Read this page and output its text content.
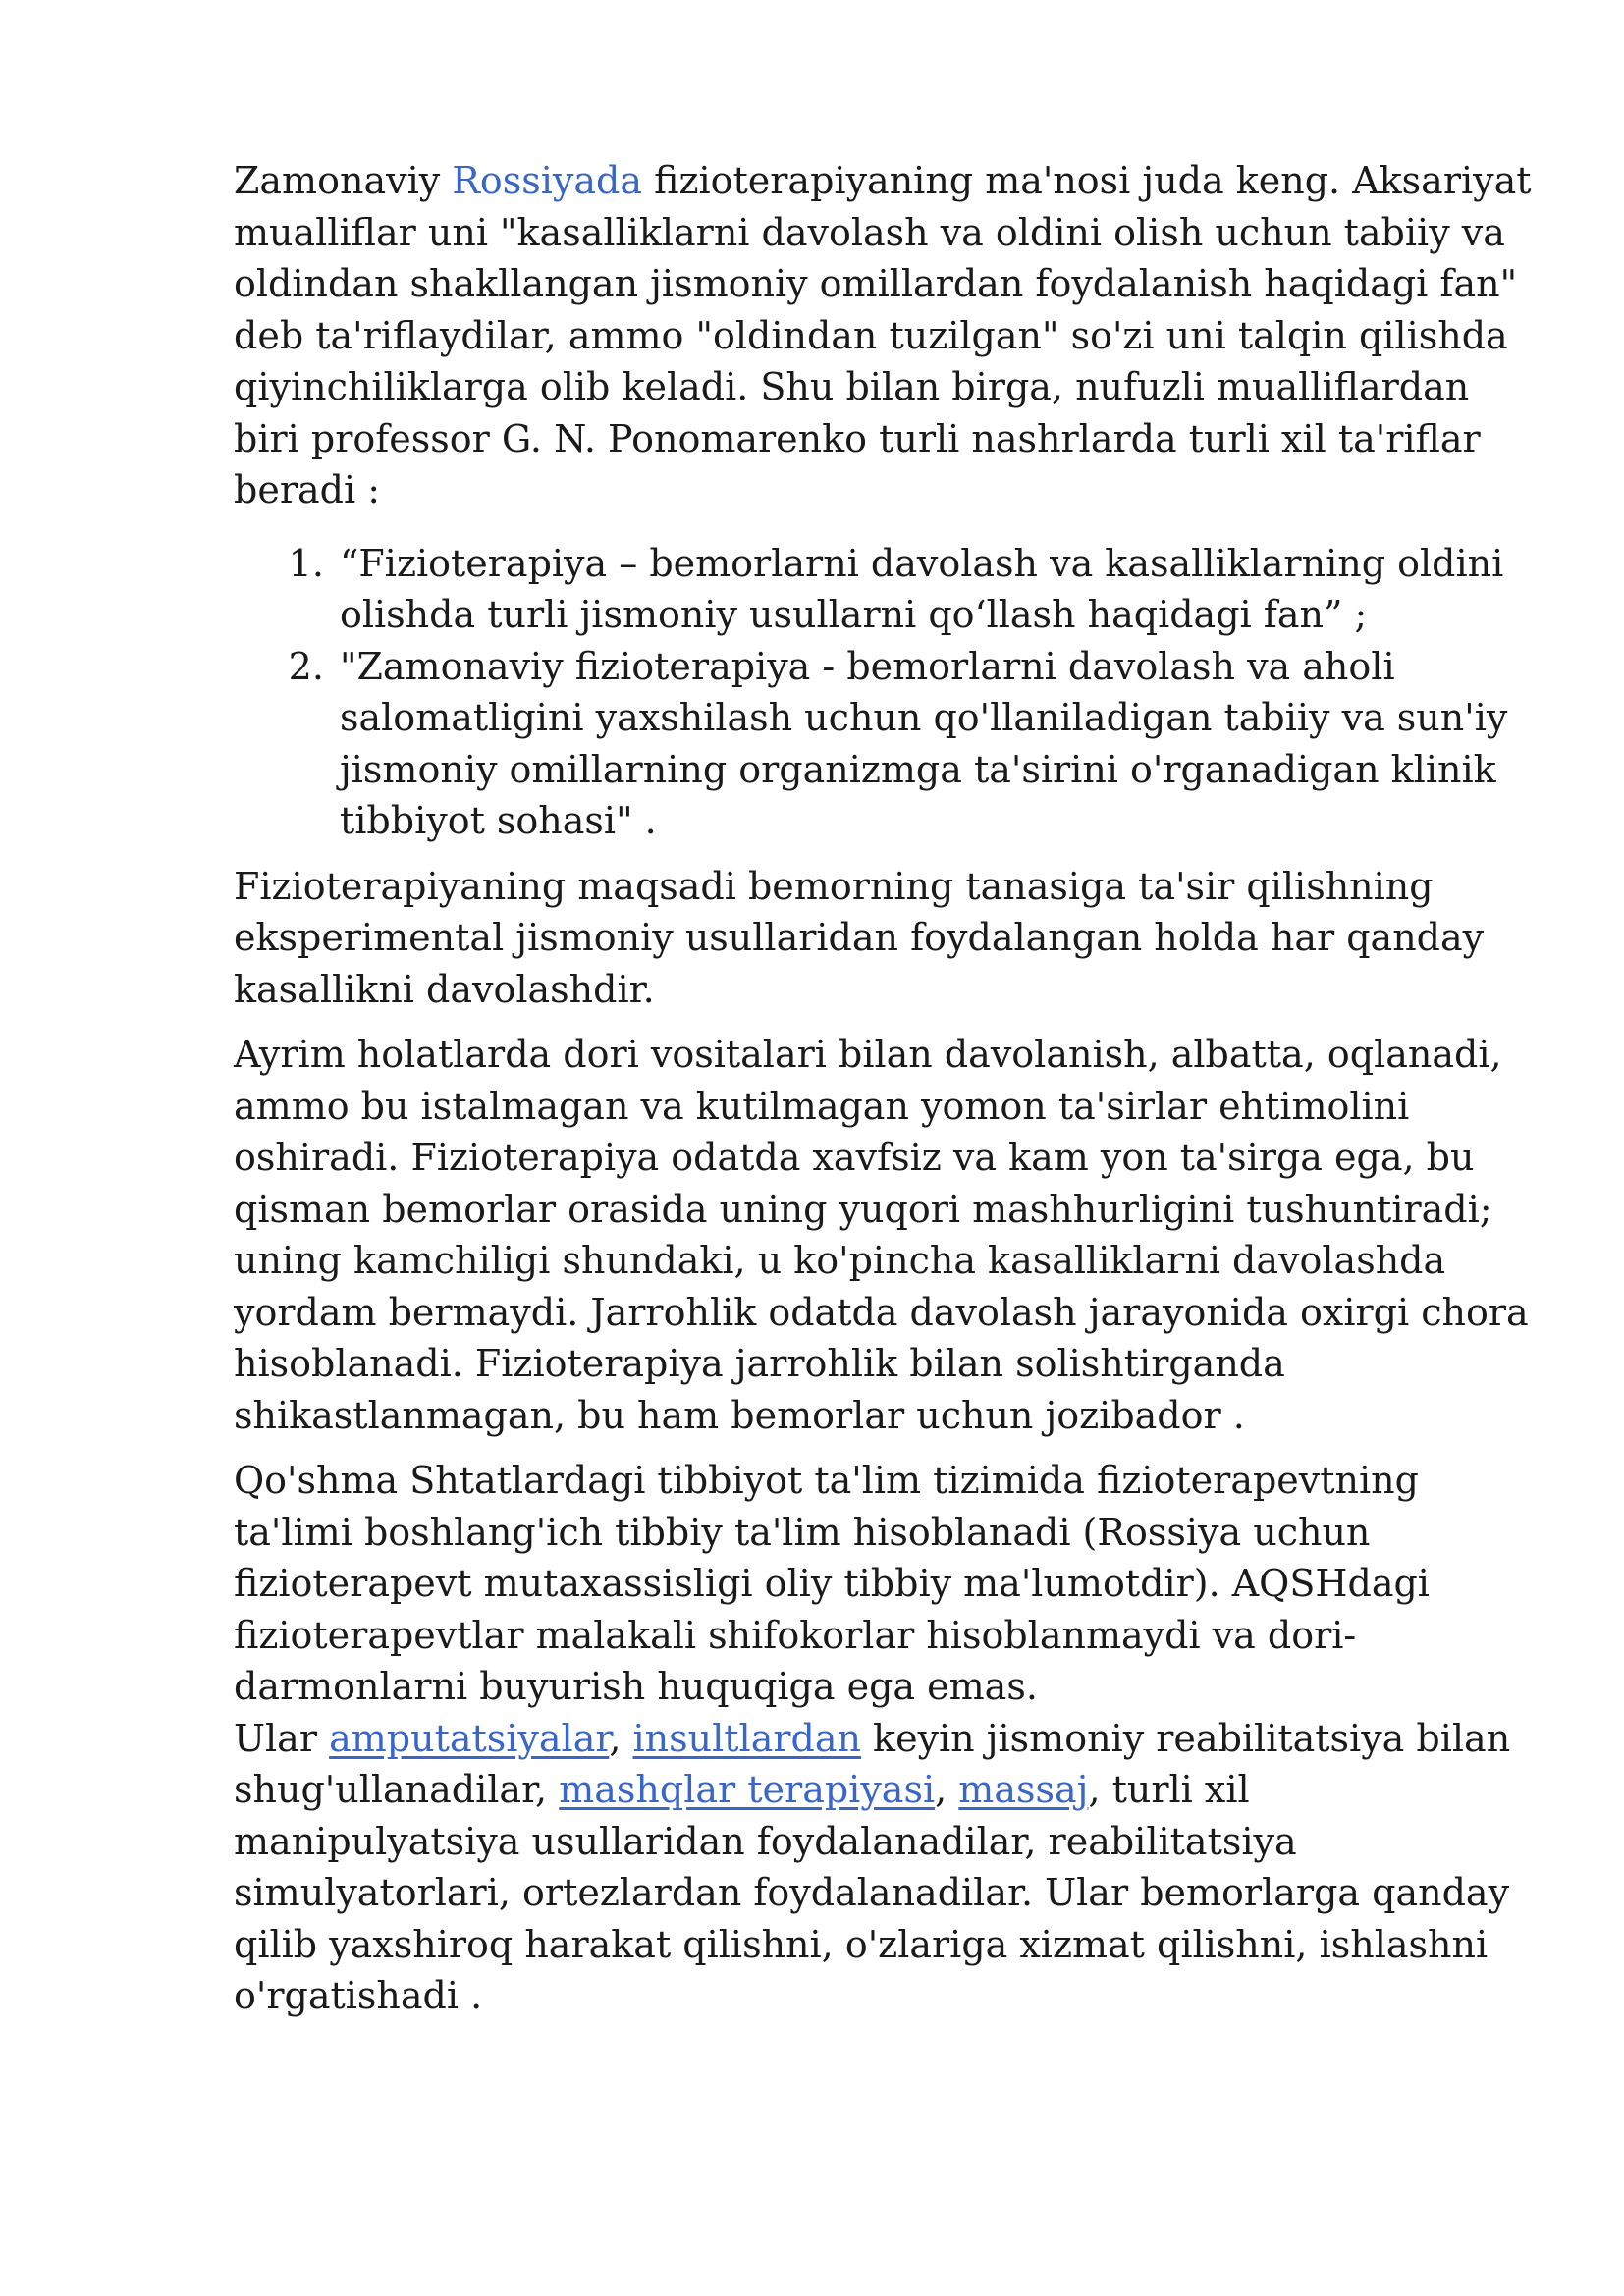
Zamonaviy Rossiyada fizioterapiyaning ma'nosi juda keng. Aksariyat mualliflar uni "kasalliklarni davolash va oldini olish uchun tabiiy va oldindan shakllangan jismoniy omillardan foydalanish haqidagi fan" deb ta'riflaydilar, ammo "oldindan tuzilgan" so'zi uni talqin qilishda qiyinchiliklarga olib keladi. Shu bilan birga, nufuzli mualliflardan biri professor G. N. Ponomarenko turli nashrlarda turli xil ta'riflar beradi :

1. “Fizioterapiya – bemorlarni davolash va kasalliklarning oldini olishda turli jismoniy usullarni qo‘llash haqidagi fan” ;
2. "Zamonaviy fizioterapiya - bemorlarni davolash va aholi salomatligini yaxshilash uchun qo'llaniladigan tabiiy va sun'iy jismoniy omillarning organizmga ta'sirini o'rganadigan klinik tibbiyot sohasi" .

Fizioterapiyaning maqsadi bemorning tanasiga ta'sir qilishning eksperimental jismoniy usullaridan foydalangan holda har qanday kasallikni davolashdir.

Ayrim holatlarda dori vositalari bilan davolanish, albatta, oqlanadi, ammo bu istalmagan va kutilmagan yomon ta'sirlar ehtimolini oshiradi. Fizioterapiya odatda xavfsiz va kam yon ta'sirga ega, bu qisman bemorlar orasida uning yuqori mashhurligini tushuntiradi; uning kamchiligi shundaki, u ko'pincha kasalliklarni davolashda yordam bermaydi. Jarrohlik odatda davolash jarayonida oxirgi chora hisoblanadi. Fizioterapiya jarrohlik bilan solishtirganda shikastlanmagan, bu ham bemorlar uchun jozibador .

Qo'shma Shtatlardagi tibbiyot ta'lim tizimida fizioterapevtning ta'limi boshlang'ich tibbiy ta'lim hisoblanadi (Rossiya uchun fizioterapevt mutaxassisligi oliy tibbiy ma'lumotdir). AQSHdagi fizioterapevtlar malakali shifokorlar hisoblanmaydi va dori-darmonlarni buyurish huquqiga ega emas.

Ular amputatsiyalar, insultlardan keyin jismoniy reabilitatsiya bilan shug'ullanadilar, mashqlar terapiyasi, massaj, turli xil manipulyatsiya usullaridan foydalanadilar, reabilitatsiya simulyatorlari, ortezlardan foydalanadilar. Ular bemorlarga qanday qilib yaxshiroq harakat qilishni, o'zlariga xizmat qilishni, ishlashni o'rgatishadi .
